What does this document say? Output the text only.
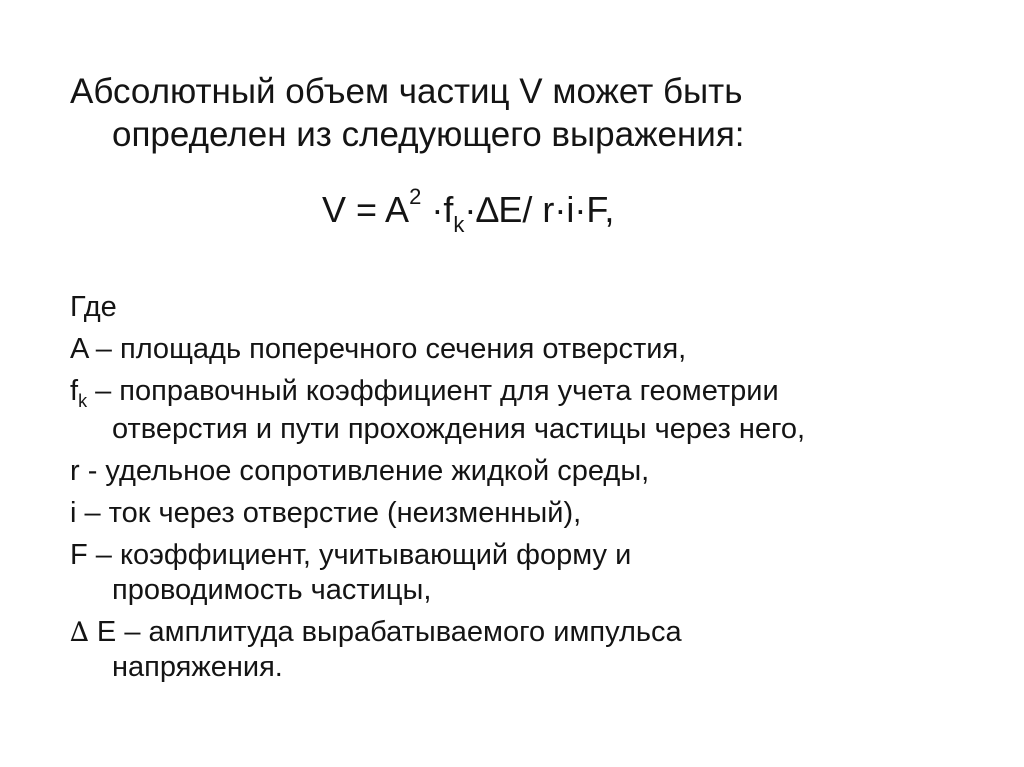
Абсолютный объем частиц V может быть
определен из следующего выражения:
$V = A^2 \cdot f_k\cdot\Delta E/$ r·i·F,
Где
A – площадь поперечного сечения отверстия,
$f_k$ – поправочный коэффициент для учета геометрии
отверстия и пути прохождения частицы через него,
r - удельное сопротивление жидкой среды,
i – ток через отверстие (неизменный),
F – коэффициент, учитывающий форму и
проводимость частицы,
∆ E – амплитуда вырабатываемого импульса
напряжения.
